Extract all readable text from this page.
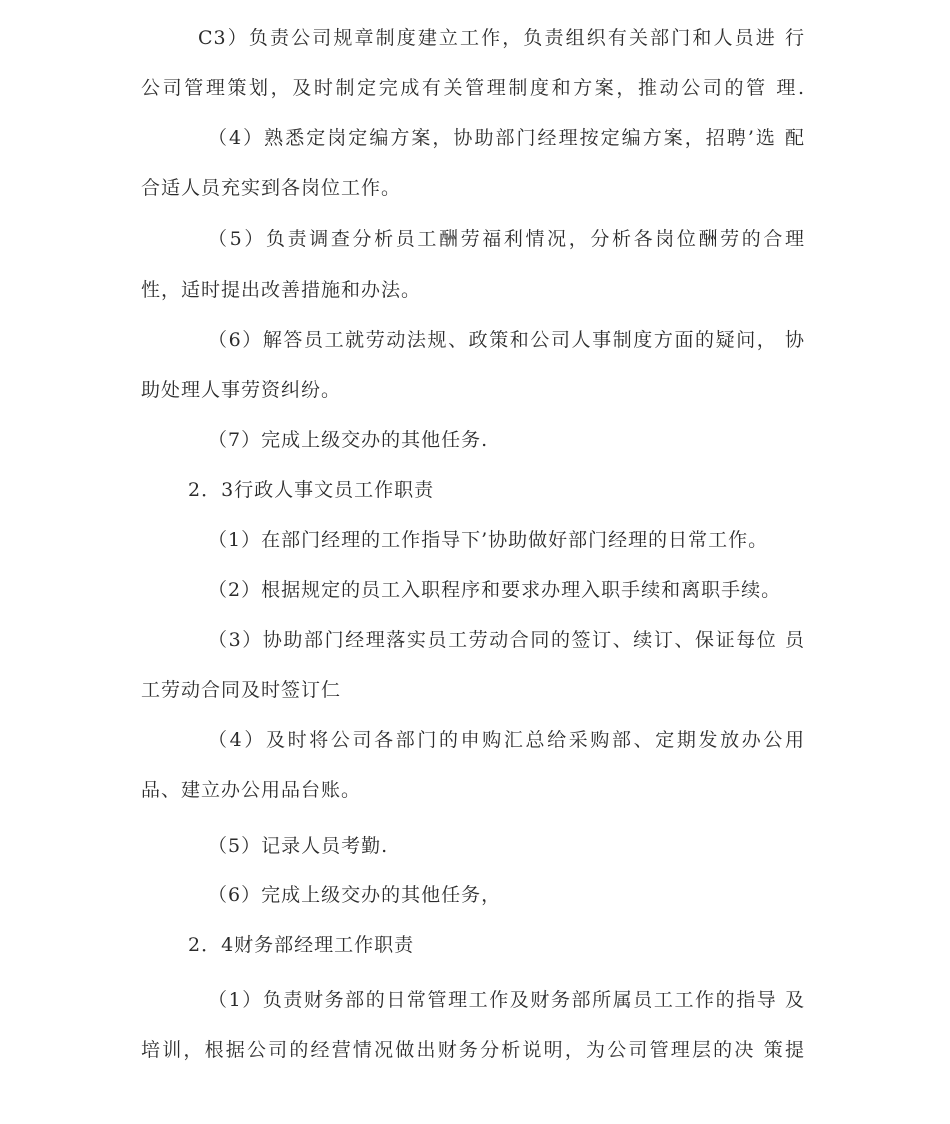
C3）负责公司规章制度建立工作，负责组织有关部门和人员进 行
公司管理策划，及时制定完成有关管理制度和方案，推动公司的管 理.
（4）熟悉定岗定编方案，协助部门经理按定编方案，招聘’选 配
合适人员充实到各岗位工作。
（5）负责调查分析员工酬劳福利情况，分析各岗位酬劳的合理
性，适时提出改善措施和办法。
（6）解答员工就劳动法规、政策和公司人事制度方面的疑问， 协
助处理人事劳资纠纷。
（7）完成上级交办的其他任务.
2．3行政人事文员工作职责
（1）在部门经理的工作指导下’协助做好部门经理的日常工作。
（2）根据规定的员工入职程序和要求办理入职手续和离职手续。
（3）协助部门经理落实员工劳动合同的签订、续订、保证每位 员
工劳动合同及时签订仁
（4）及时将公司各部门的申购汇总给采购部、定期发放办公用
品、建立办公用品台账。
（5）记录人员考勤.
（6）完成上级交办的其他任务，
2．4财务部经理工作职责
（1）负责财务部的日常管理工作及财务部所属员工工作的指导 及
培训，根据公司的经营情况做出财务分析说明，为公司管理层的决 策提
